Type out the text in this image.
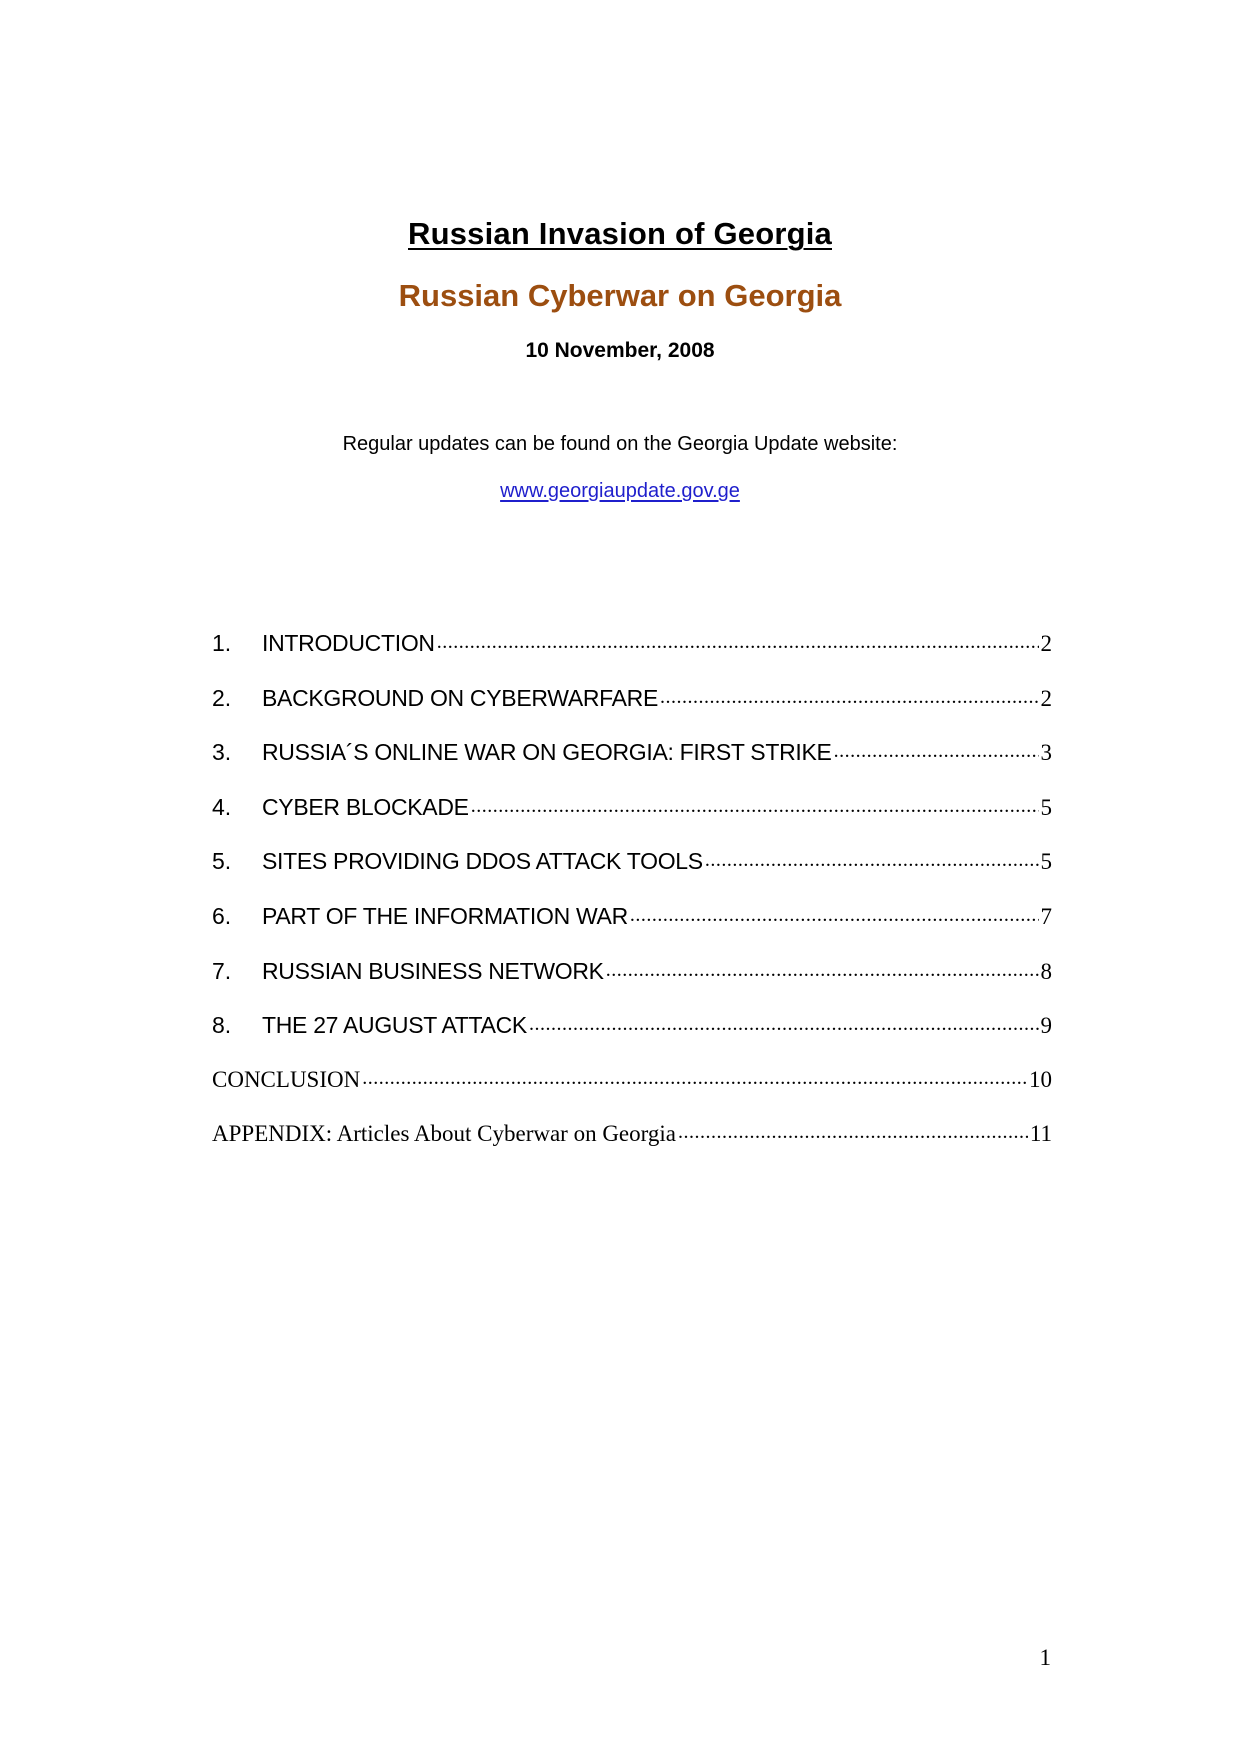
Russian Invasion of Georgia
Russian Cyberwar on Georgia
10 November, 2008
Regular updates can be found on the Georgia Update website:
www.georgiaupdate.gov.ge
1.	INTRODUCTION .....	2
2.	BACKGROUND ON CYBERWARFARE .....	2
3.	RUSSIA´S ONLINE WAR ON GEORGIA: FIRST STRIKE .....	3
4.	CYBER BLOCKADE .....	5
5.	SITES PROVIDING DDOS ATTACK TOOLS .....	5
6.	PART OF THE INFORMATION WAR .....	7
7.	RUSSIAN BUSINESS NETWORK .....	8
8.	THE 27 AUGUST ATTACK .....	9
CONCLUSION .....	10
APPENDIX: Articles About Cyberwar on Georgia .....	11
1
